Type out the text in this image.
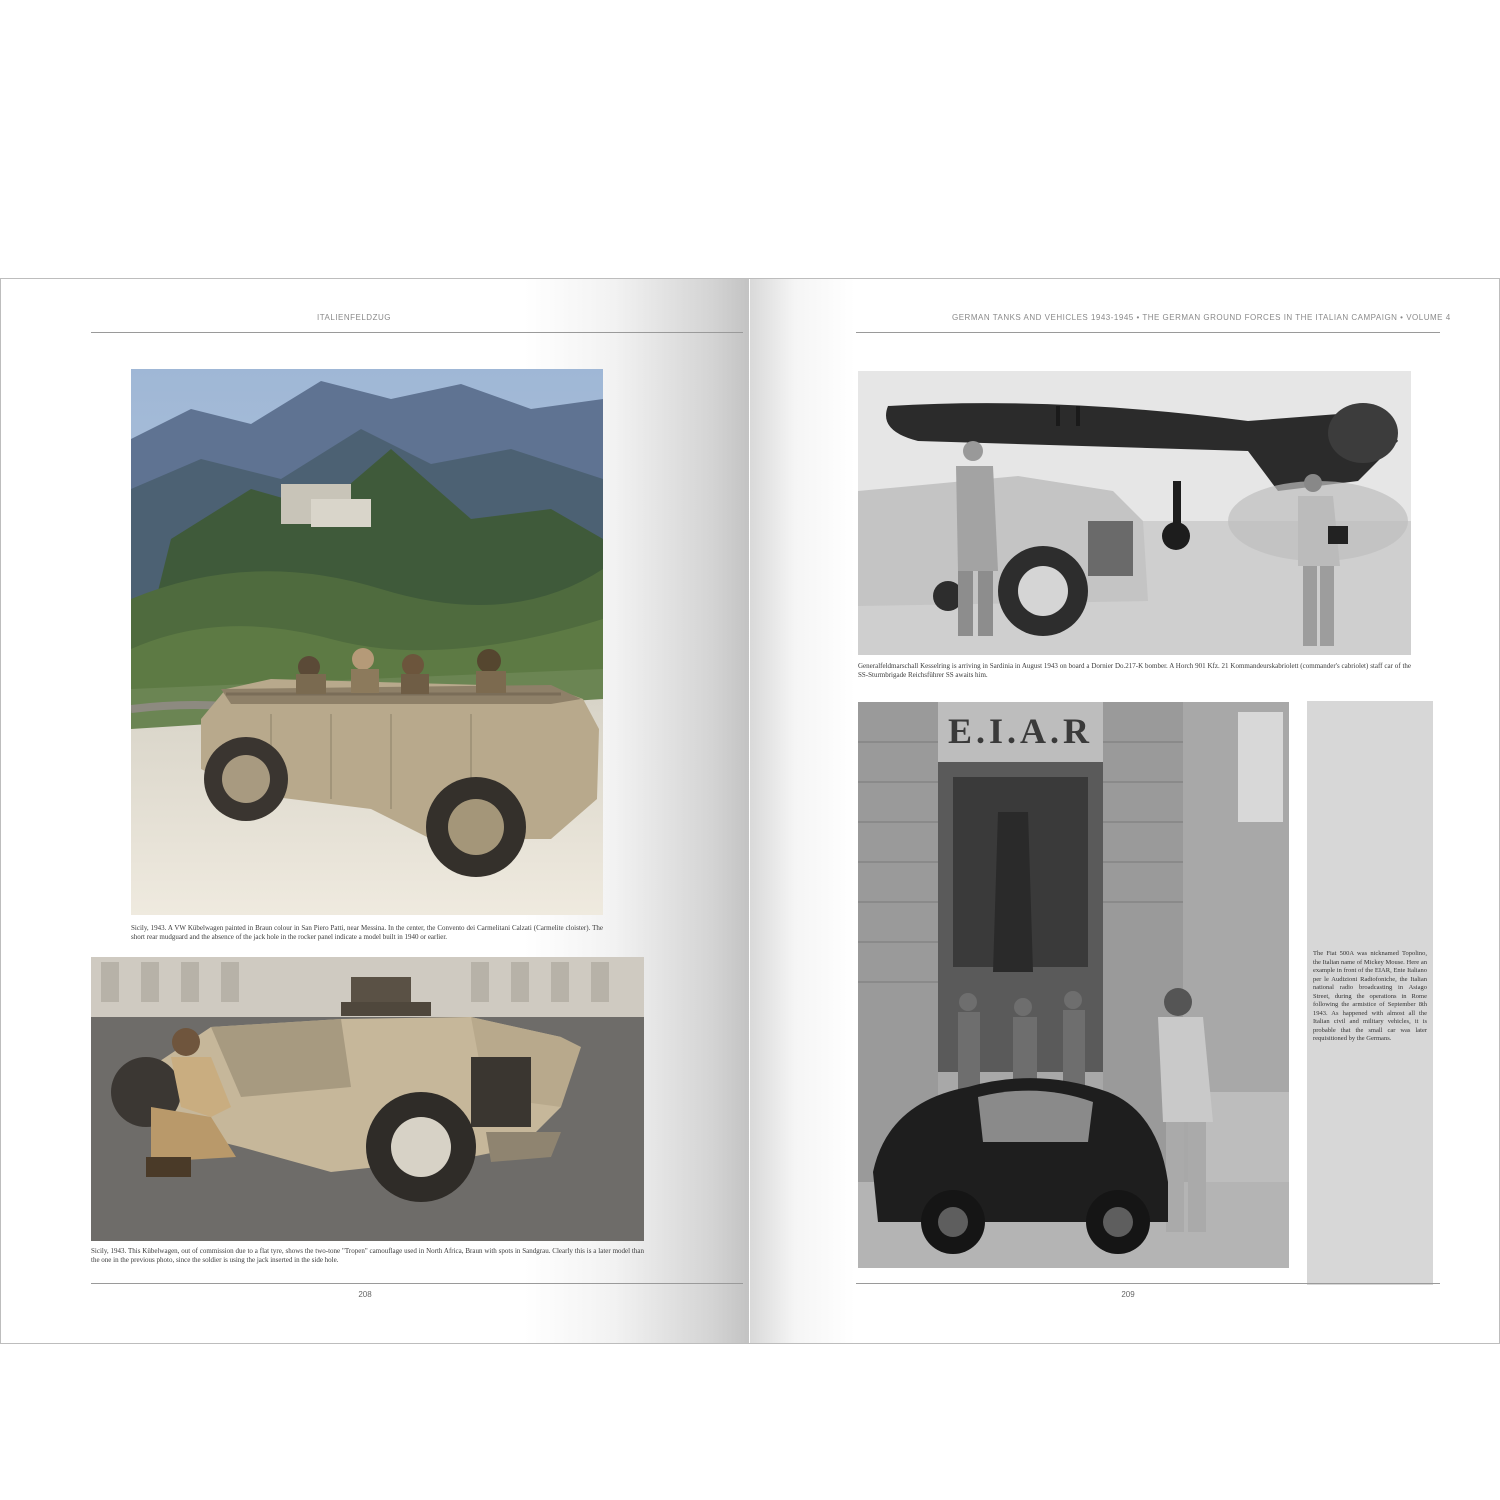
ITALIENFELDZUG
Sicily, 1943. A VW Kübelwagen painted in Braun colour in San Piero Patti, near Messina. In the center, the Convento dei Carmelitani Calzati (Carmelite cloister). The short rear mudguard and the absence of the jack hole in the rocker panel indicate a model built in 1940 or earlier.
Sicily, 1943. This Kübelwagen, out of commission due to a flat tyre, shows the two-tone "Tropen" camouflage used in North Africa, Braun with spots in Sandgrau. Clearly this is a later model than the one in the previous photo, since the soldier is using the jack inserted in the side hole.
208
GERMAN TANKS AND VEHICLES 1943-1945 • THE GERMAN GROUND FORCES IN THE ITALIAN CAMPAIGN • VOLUME 4
Generalfeldmarschall Kesselring is arriving in Sardinia in August 1943 on board a Dornier Do.217-K bomber. A Horch 901 Kfz. 21 Kommandeurskabriolett (commander's cabriolet) staff car of the SS-Sturmbrigade Reichsführer SS awaits him.
E.I.A.R
The Fiat 500A was nicknamed Topolino, the Italian name of Mickey Mouse. Here an example in front of the EIAR, Ente Italiano per le Audizioni Radiofoniche, the Italian national radio broadcasting in Asiago Street, during the operations in Rome following the armistice of September 8th 1943. As happened with almost all the Italian civil and military vehicles, it is probable that the small car was later requisitioned by the Germans.
209
